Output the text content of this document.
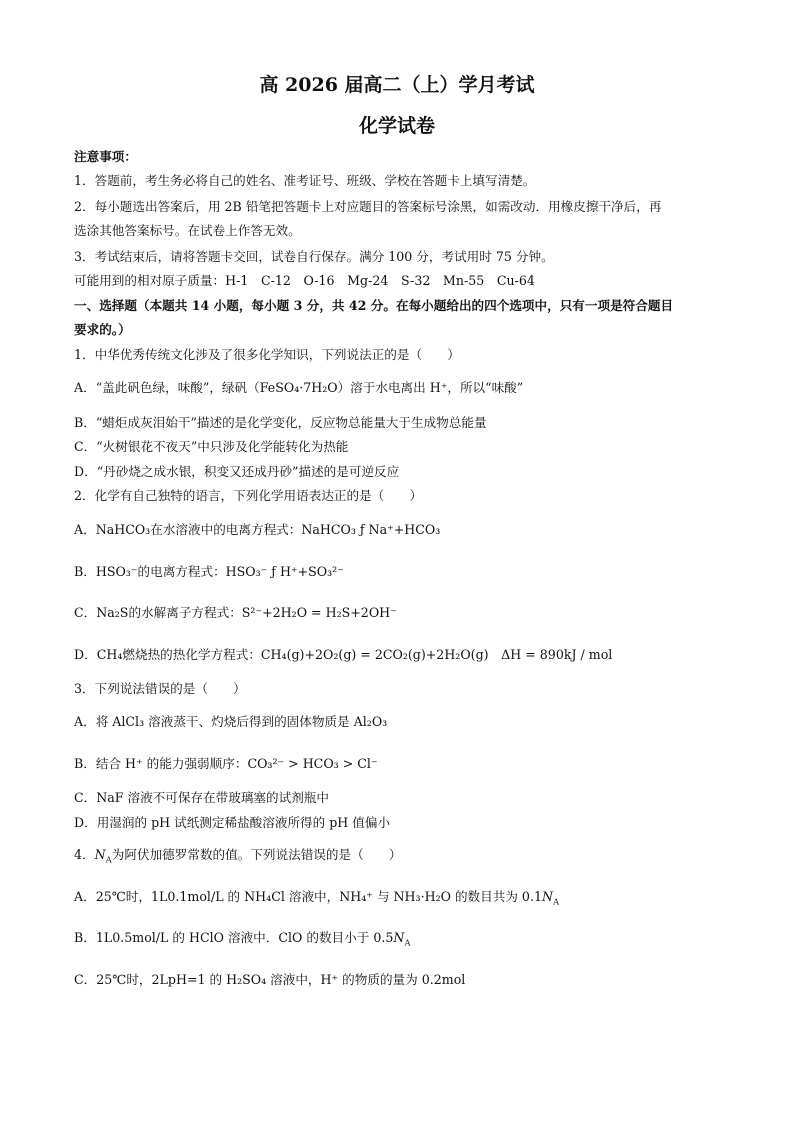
高 2026 届高二（上）学月考试
化学试卷
注意事项：
1．答题前，考生务必将自己的姓名、准考证号、班级、学校在答题卡上填写清楚。
2．每小题选出答案后，用 2B 铅笔把答题卡上对应题目的答案标号涂黑，如需改动．用橡皮擦干净后，再
选涂其他答案标号。在试卷上作答无效。
3．考试结束后，请将答题卡交回，试卷自行保存。满分 100 分，考试用时 75 分钟。
可能用到的相对原子质量：H-1　C-12　O-16　Mg-24　S-32　Mn-55　Cu-64
一、选择题（本题共 14 小题，每小题 3 分，共 42 分。在每小题给出的四个选项中，只有一项是符合题目
要求的。）
1．中华优秀传统文化涉及了很多化学知识，下列说法正的是（　　）
A．“盖此矾色绿，味酸”，绿矾（FeSO₄·7H₂O）溶于水电离出 H⁺，所以“味酸”
B．“蜡炬成灰泪始干”描述的是化学变化，反应物总能量大于生成物总能量
C．“火树银花不夜天”中只涉及化学能转化为热能
D．“丹砂烧之成水银，积变又还成丹砂”描述的是可逆反应
2．化学有自己独特的语言，下列化学用语表达正的是（　　）
A．NaHCO₃在水溶液中的电离方程式：NaHCO₃ ƒ Na⁺+HCO₃
B．HSO₃⁻的电离方程式：HSO₃⁻ ƒ H⁺+SO₃²⁻
C．Na₂S的水解离子方程式：S²⁻+2H₂O = H₂S+2OH⁻
D．CH₄燃烧热的热化学方程式：CH₄(g)+2O₂(g) = 2CO₂(g)+2H₂O(g)　ΔH = 890kJ / mol
3．下列说法错误的是（　　）
A．将 AlCl₃ 溶液蒸干、灼烧后得到的固体物质是 Al₂O₃
B．结合 H⁺ 的能力强弱顺序：CO₃²⁻ > HCO₃ > Cl⁻
C．NaF 溶液不可保存在带玻璃塞的试剂瓶中
D．用湿润的 pH 试纸测定稀盐酸溶液所得的 pH 值偏小
4．$N_A$为阿伏加德罗常数的值。下列说法错误的是（　　）
A．25℃时，1L0.1mol/L 的 NH₄Cl 溶液中，NH₄⁺ 与 NH₃·H₂O 的数目共为 $0.1N_A$
B．1L0.5mol/L 的 HClO 溶液中．ClO 的数目小于 $0.5N_A$
C．25℃时，2LpH=1 的 H₂SO₄ 溶液中，H⁺ 的物质的量为 0.2mol
